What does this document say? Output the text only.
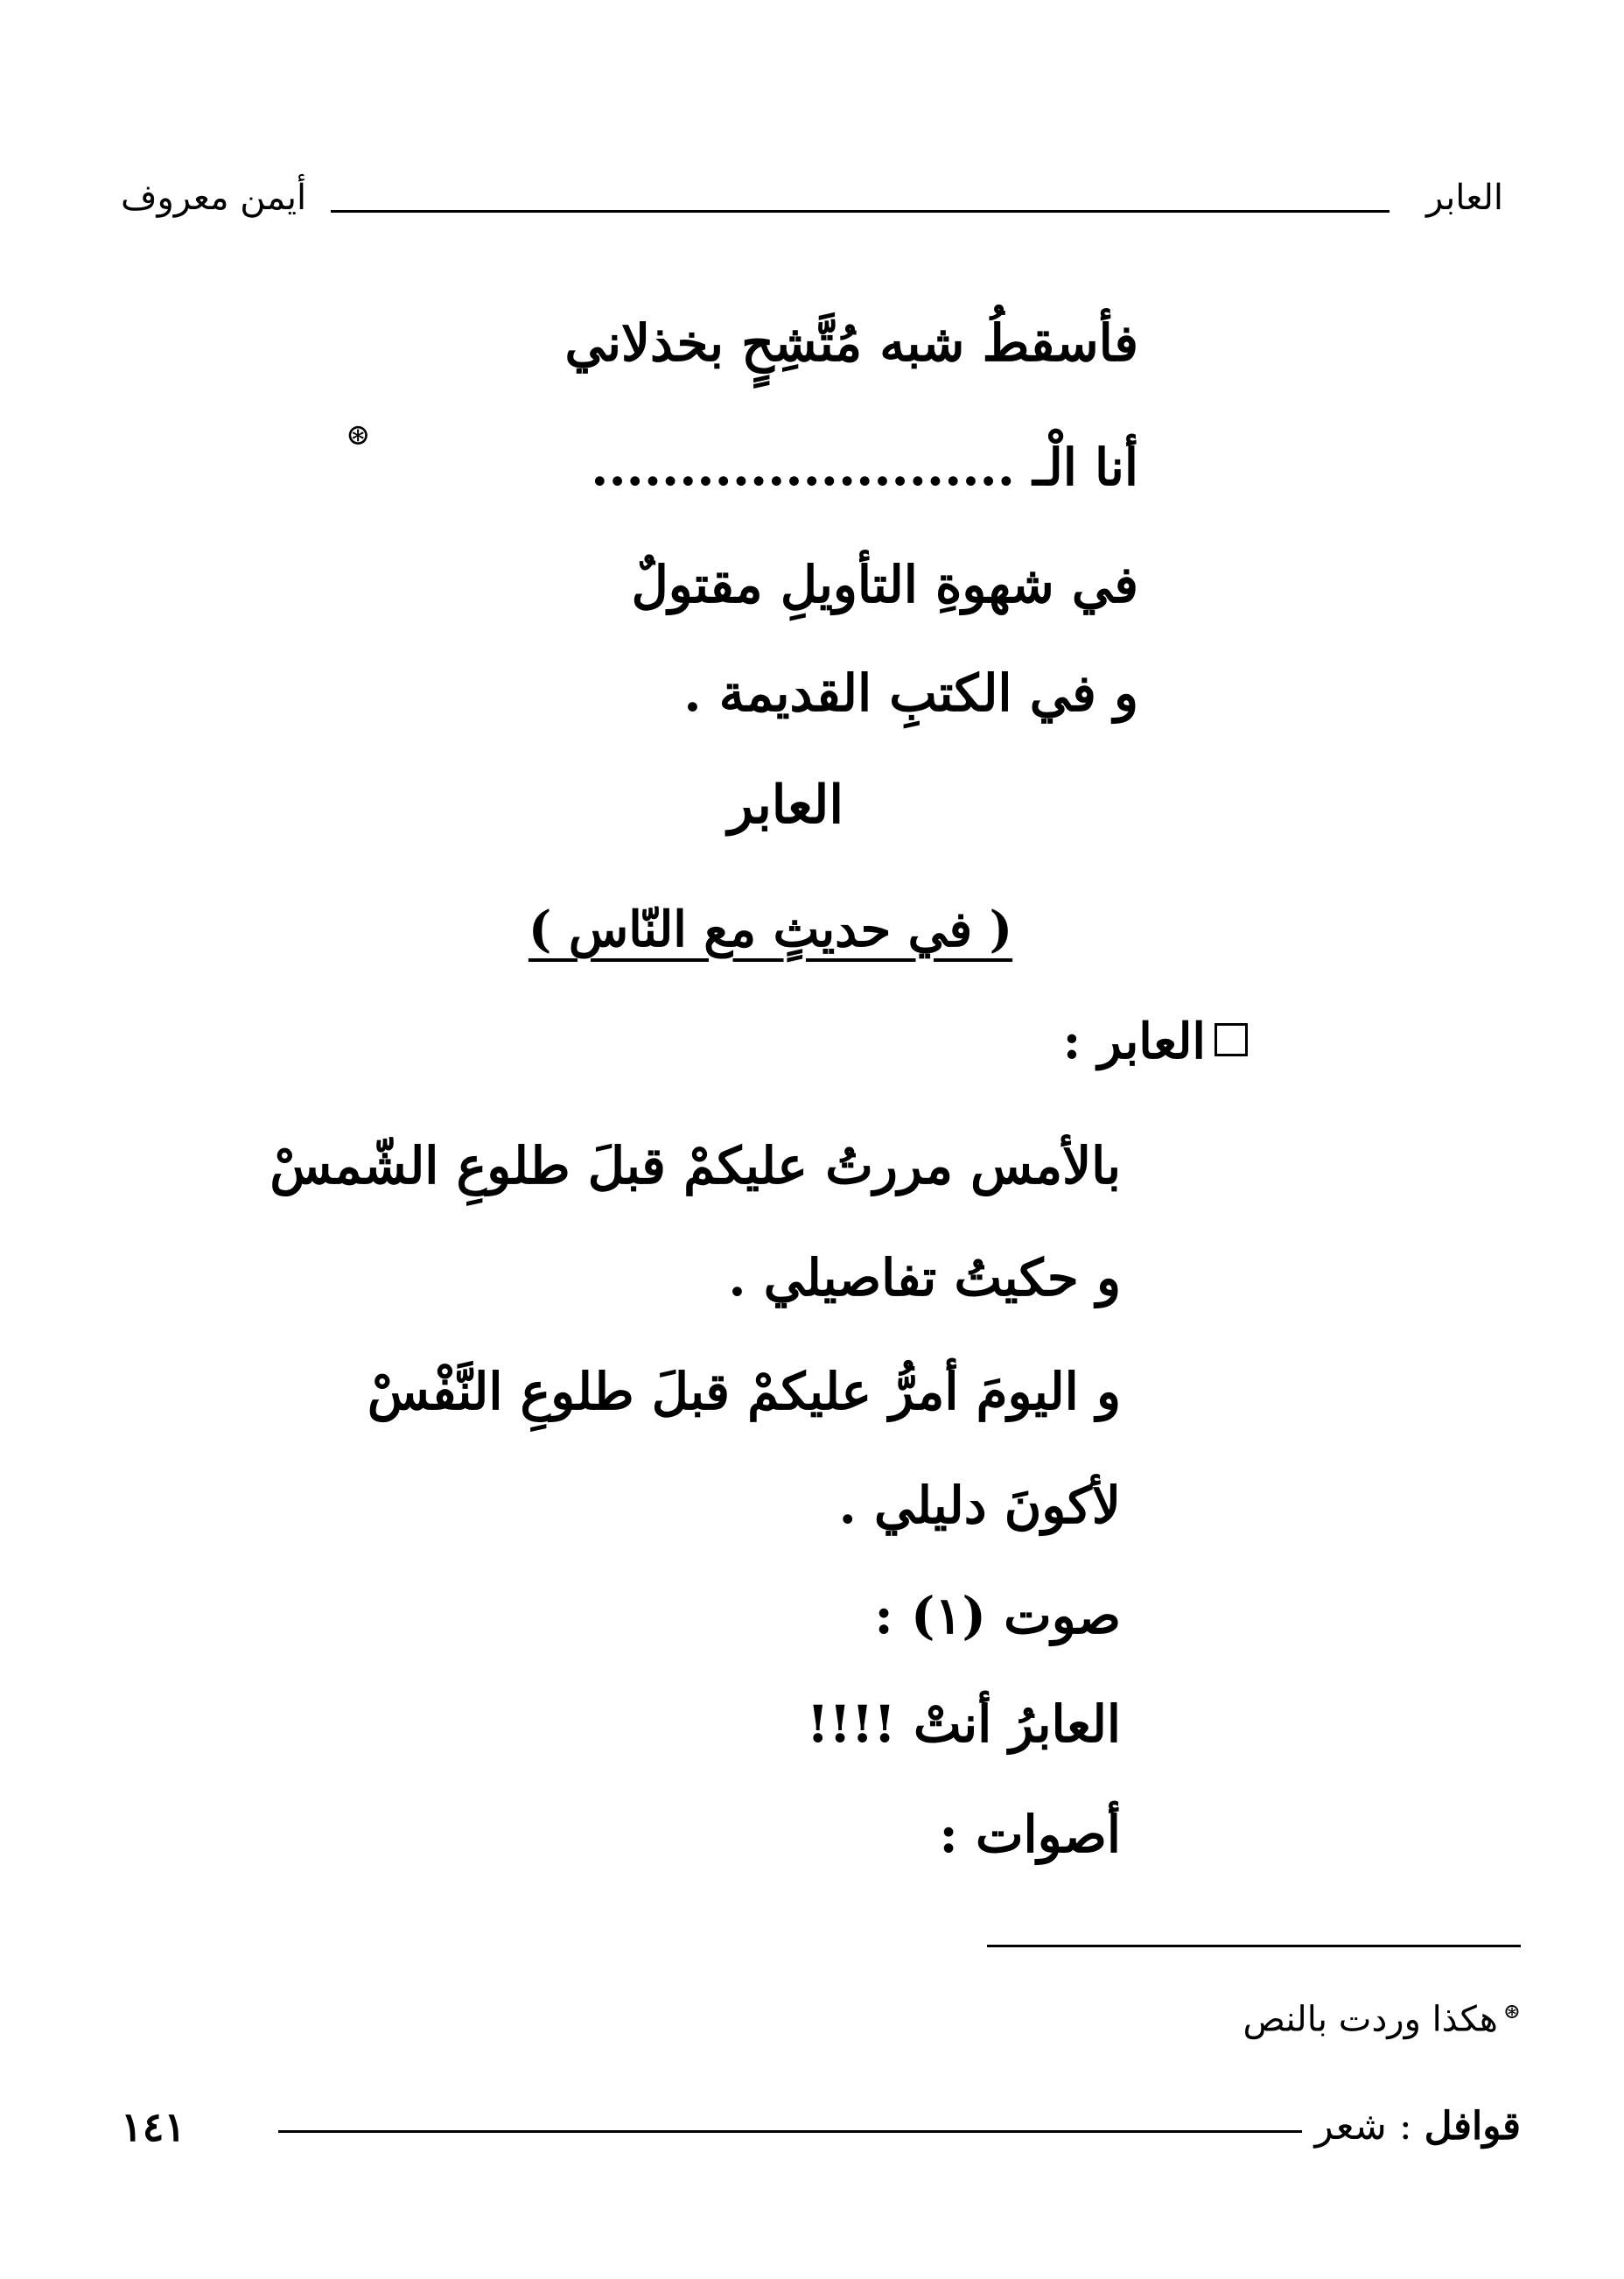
العابر
أيمن معروف
فأسقطُ شبه مُتَّشِحٍ بخذلاني
أنا الْـ ........................
⊛
في شهوةِ التأويلِ مقتولٌ
و في الكتبِ القديمة .
العابر
( في حديثٍ مع النّاس )
العابر :
بالأمس مررتُ عليكمْ قبلَ طلوعِ الشّمسْ
و حكيتُ تفاصيلي .
و اليومَ أمرُّ عليكمْ قبلَ طلوعِ النَّفْسْ
لأكونَ دليلي .
صوت (١) :
العابرُ أنتْ !!!!
أصوات :
⊛هكذا وردت بالنص
قوافل : شعر
١٤١
